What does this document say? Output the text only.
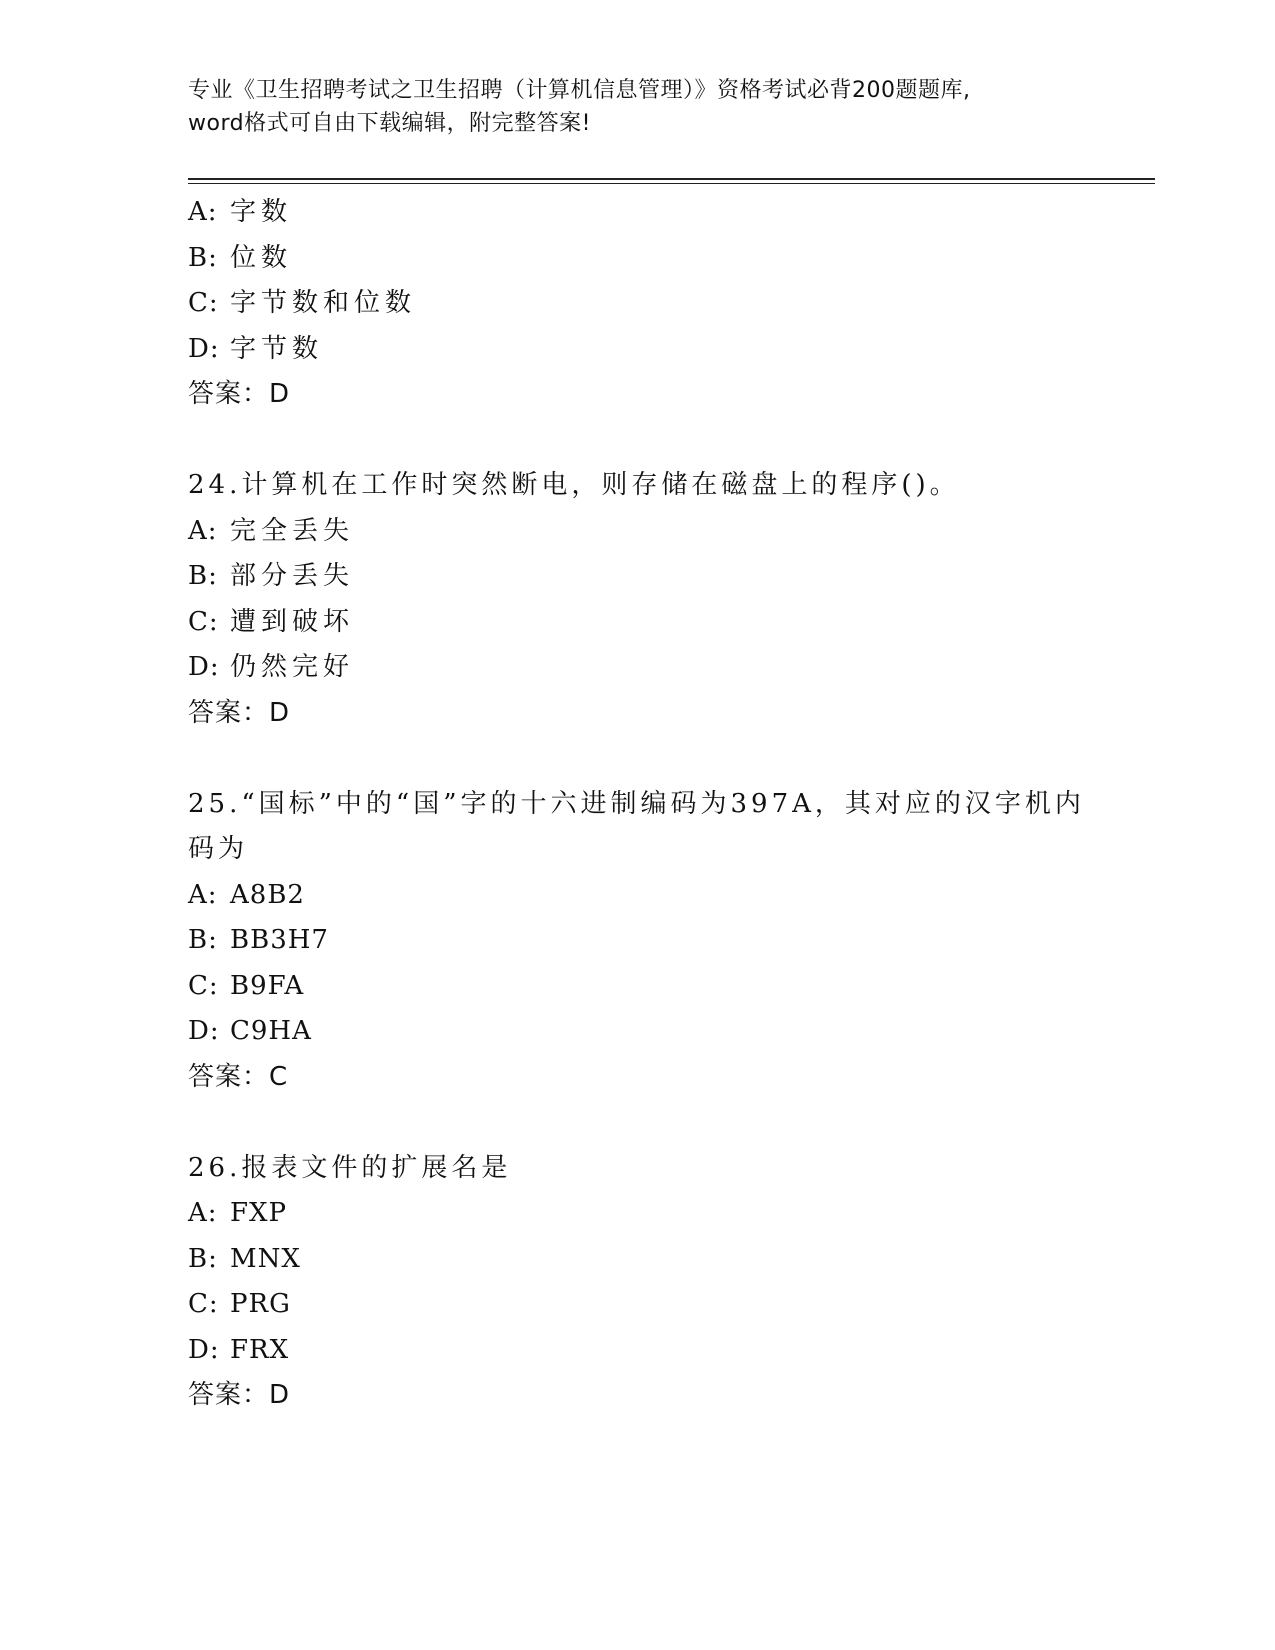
专业《卫生招聘考试之卫生招聘（计算机信息管理）》资格考试必背200题题库,
word格式可自由下载编辑，附完整答案!
A: 字数
B: 位数
C: 字节数和位数
D: 字节数
答案：D
24.计算机在工作时突然断电，则存储在磁盘上的程序()。
A: 完全丢失
B: 部分丢失
C: 遭到破坏
D: 仍然完好
答案：D
25.“国标”中的“国”字的十六进制编码为397A，其对应的汉字机内
码为
A: A8B2
B: BB3H7
C: B9FA
D: C9HA
答案：C
26.报表文件的扩展名是
A: FXP
B: MNX
C: PRG
D: FRX
答案：D
